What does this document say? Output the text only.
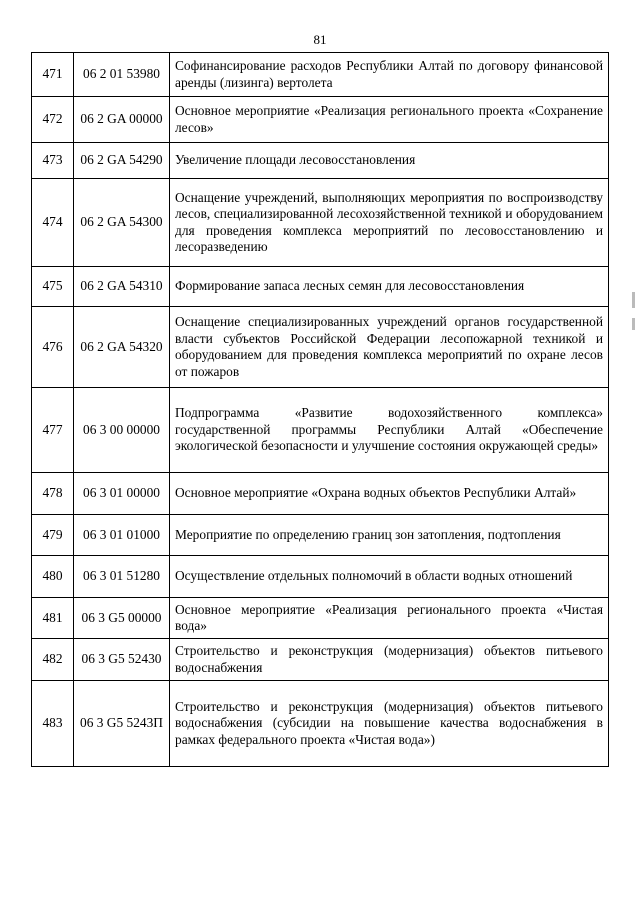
81
471	06 2 01 53980	Софинансирование расходов Республики Алтай по договору финансовой аренды (лизинга) вертолета
472	06 2 GA 00000	Основное мероприятие «Реализация регионального проекта «Сохранение лесов»
473	06 2 GA 54290	Увеличение площади лесовосстановления
474	06 2 GA 54300	Оснащение учреждений, выполняющих мероприятия по воспроизводству лесов, специализированной лесохозяйственной техникой и оборудованием для проведения комплекса мероприятий по лесовосстановлению и лесоразведению
475	06 2 GA 54310	Формирование запаса лесных семян для лесовосстановления
476	06 2 GA 54320	Оснащение специализированных учреждений органов государственной власти субъектов Российской Федерации лесопожарной техникой и оборудованием для проведения комплекса мероприятий по охране лесов от пожаров
477	06 3 00 00000	Подпрограмма «Развитие водохозяйственного комплекса» государственной программы Республики Алтай «Обеспечение экологической безопасности и улучшение состояния окружающей среды»
478	06 3 01 00000	Основное мероприятие «Охрана водных объектов Республики Алтай»
479	06 3 01 01000	Мероприятие по определению границ зон затопления, подтопления
480	06 3 01 51280	Осуществление отдельных полномочий в области водных отношений
481	06 3 G5 00000	Основное мероприятие «Реализация регионального проекта «Чистая вода»
482	06 3 G5 52430	Строительство и реконструкция (модернизация) объектов питьевого водоснабжения
483	06 3 G5 5243П	Строительство и реконструкция (модернизация) объектов питьевого водоснабжения (субсидии на повышение качества водоснабжения в рамках федерального проекта «Чистая вода»)
